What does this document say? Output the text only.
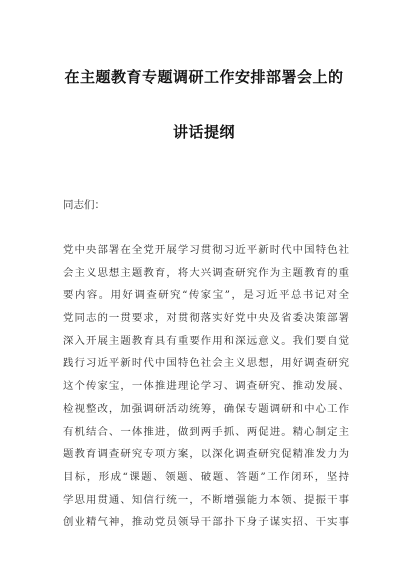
在主题教育专题调研工作安排部署会上的
讲话提纲
同志们：
党中央部署在全党开展学习贯彻习近平新时代中国特色社
会主义思想主题教育，将大兴调查研究作为主题教育的重
要内容。用好调查研究“传家宝”，是习近平总书记对全
党同志的一贯要求，对贯彻落实好党中央及省委决策部署
深入开展主题教育具有重要作用和深远意义。我们要自觉
践行习近平新时代中国特色社会主义思想，用好调查研究
这个传家宝，一体推进理论学习、调查研究、推动发展、
检视整改，加强调研活动统筹，确保专题调研和中心工作
有机结合、一体推进，做到两手抓、两促进。精心制定主
题教育调查研究专项方案，以深化调查研究促精准发力为
目标，形成“课题、领题、破题、答题”工作闭环，坚持
学思用贯通、知信行统一，不断增强能力本领、提振干事
创业精气神，推动党员领导干部扑下身子谋实招、干实事
